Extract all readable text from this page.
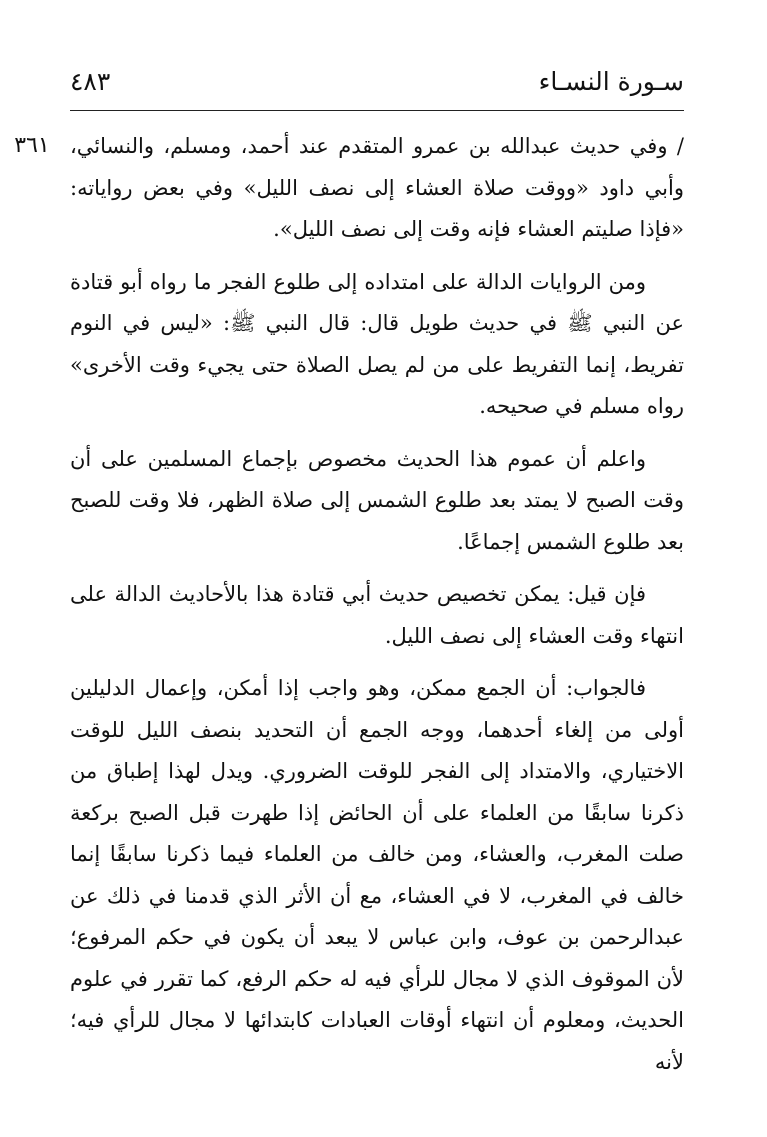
٤٨٣	سـورة النسـاء
٣٦١ / وفي حديث عبدالله بن عمرو المتقدم عند أحمد، ومسلم، والنسائي، وأبي داود «ووقت صلاة العشاء إلى نصف الليل» وفي بعض رواياته: «فإذا صليتم العشاء فإنه وقت إلى نصف الليل».

ومن الروايات الدالة على امتداده إلى طلوع الفجر ما رواه أبو قتادة عن النبي ﷺ في حديث طويل قال: قال النبي ﷺ: «ليس في النوم تفريط، إنما التفريط على من لم يصل الصلاة حتى يجيء وقت الأخرى» رواه مسلم في صحيحه.

واعلم أن عموم هذا الحديث مخصوص بإجماع المسلمين على أن وقت الصبح لا يمتد بعد طلوع الشمس إلى صلاة الظهر، فلا وقت للصبح بعد طلوع الشمس إجماعًا.

فإن قيل: يمكن تخصيص حديث أبي قتادة هذا بالأحاديث الدالة على انتهاء وقت العشاء إلى نصف الليل.

فالجواب: أن الجمع ممكن، وهو واجب إذا أمكن، وإعمال الدليلين أولى من إلغاء أحدهما، ووجه الجمع أن التحديد بنصف الليل للوقت الاختياري، والامتداد إلى الفجر للوقت الضروري. ويدل لهذا إطباق من ذكرنا سابقًا من العلماء على أن الحائض إذا طهرت قبل الصبح بركعة صلت المغرب، والعشاء، ومن خالف من العلماء فيما ذكرنا سابقًا إنما خالف في المغرب، لا في العشاء، مع أن الأثر الذي قدمنا في ذلك عن عبدالرحمن بن عوف، وابن عباس لا يبعد أن يكون في حكم المرفوع؛ لأن الموقوف الذي لا مجال للرأي فيه له حكم الرفع، كما تقرر في علوم الحديث، ومعلوم أن انتهاء أوقات العبادات كابتدائها لا مجال للرأي فيه؛ لأنه
